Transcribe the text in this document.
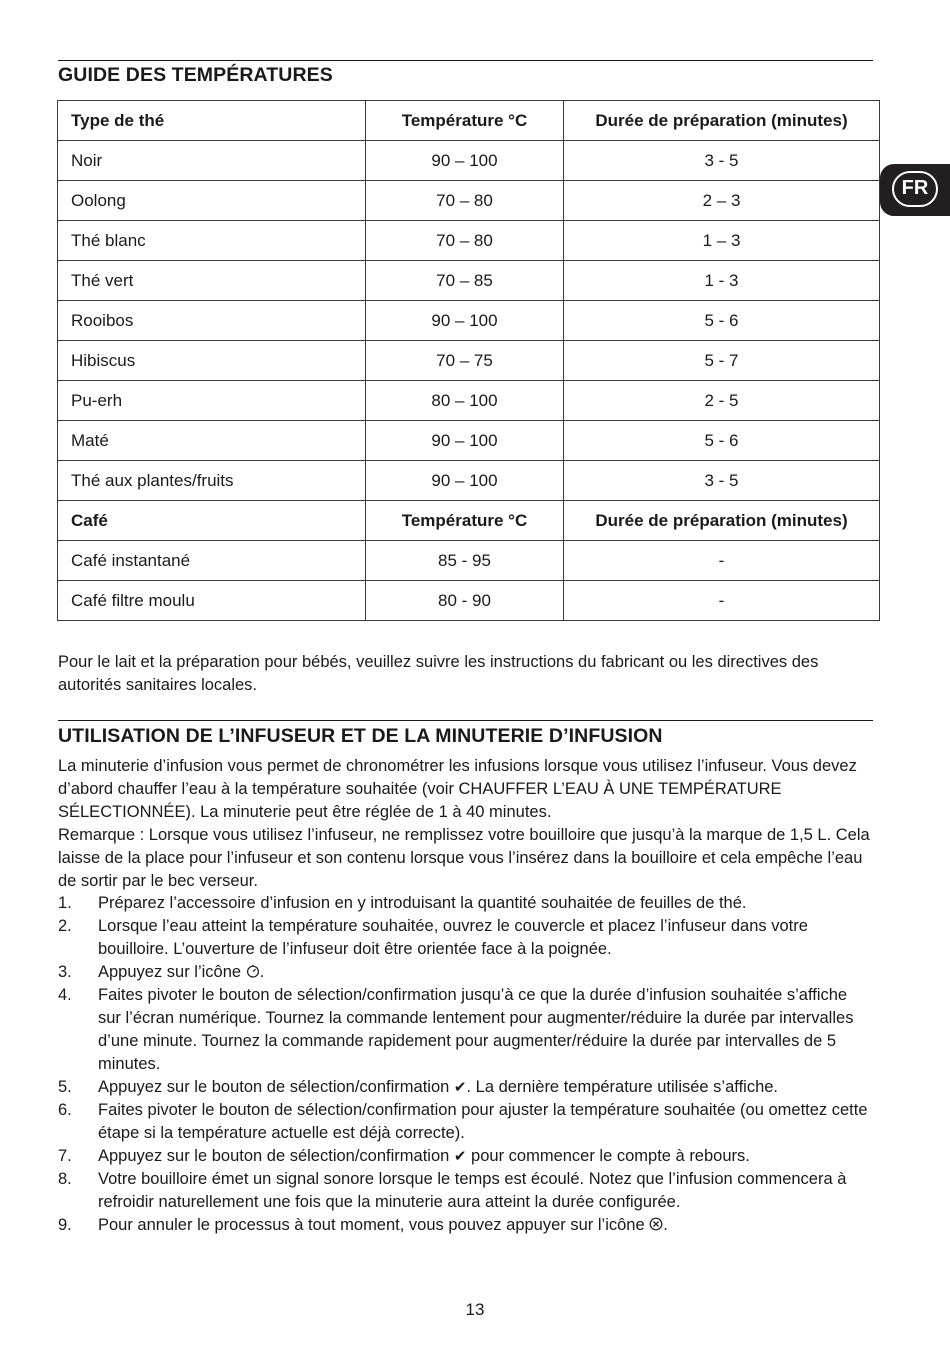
FR
GUIDE DES TEMPÉRATURES
Type de thé	Température °C	Durée de préparation (minutes)
Noir	90 – 100	3 - 5
Oolong	70 – 80	2 – 3
Thé blanc	70 – 80	1 – 3
Thé vert	70 – 85	1 - 3
Rooibos	90 – 100	5 - 6
Hibiscus	70 – 75	5 - 7
Pu-erh	80 – 100	2 - 5
Maté	90 – 100	5 - 6
Thé aux plantes/fruits	90 – 100	3 - 5
Café	Température °C	Durée de préparation (minutes)
Café instantané	85 - 95	-
Café filtre moulu	80 - 90	-

Pour le lait et la préparation pour bébés, veuillez suivre les instructions du fabricant ou les directives des autorités sanitaires locales.

UTILISATION DE L’INFUSEUR ET DE LA MINUTERIE D’INFUSION

La minuterie d’infusion vous permet de chronométrer les infusions lorsque vous utilisez l’infuseur. Vous devez d’abord chauffer l’eau à la température souhaitée (voir CHAUFFER L’EAU À UNE TEMPÉRATURE SÉLECTIONNÉE). La minuterie peut être réglée de 1 à 40 minutes.

Remarque : Lorsque vous utilisez l’infuseur, ne remplissez votre bouilloire que jusqu’à la marque de 1,5 L. Cela laisse de la place pour l’infuseur et son contenu lorsque vous l’insérez dans la bouilloire et cela empêche l’eau de sortir par le bec verseur.

1. Préparez l’accessoire d’infusion en y introduisant la quantité souhaitée de feuilles de thé.
2. Lorsque l’eau atteint la température souhaitée, ouvrez le couvercle et placez l’infuseur dans votre bouilloire. L’ouverture de l’infuseur doit être orientée face à la poignée.
3. Appuyez sur l’icône .
4. Faites pivoter le bouton de sélection/confirmation jusqu’à ce que la durée d’infusion souhaitée s’affiche sur l’écran numérique. Tournez la commande lentement pour augmenter/réduire la durée par intervalles d’une minute. Tournez la commande rapidement pour augmenter/réduire la durée par intervalles de 5 minutes.
5. Appuyez sur le bouton de sélection/confirmation ✔. La dernière température utilisée s’affiche.
6. Faites pivoter le bouton de sélection/confirmation pour ajuster la température souhaitée (ou omettez cette étape si la température actuelle est déjà correcte).
7. Appuyez sur le bouton de sélection/confirmation ✔ pour commencer le compte à rebours.
8. Votre bouilloire émet un signal sonore lorsque le temps est écoulé. Notez que l’infusion commencera à refroidir naturellement une fois que la minuterie aura atteint la durée configurée.
9. Pour annuler le processus à tout moment, vous pouvez appuyer sur l’icône .
13
